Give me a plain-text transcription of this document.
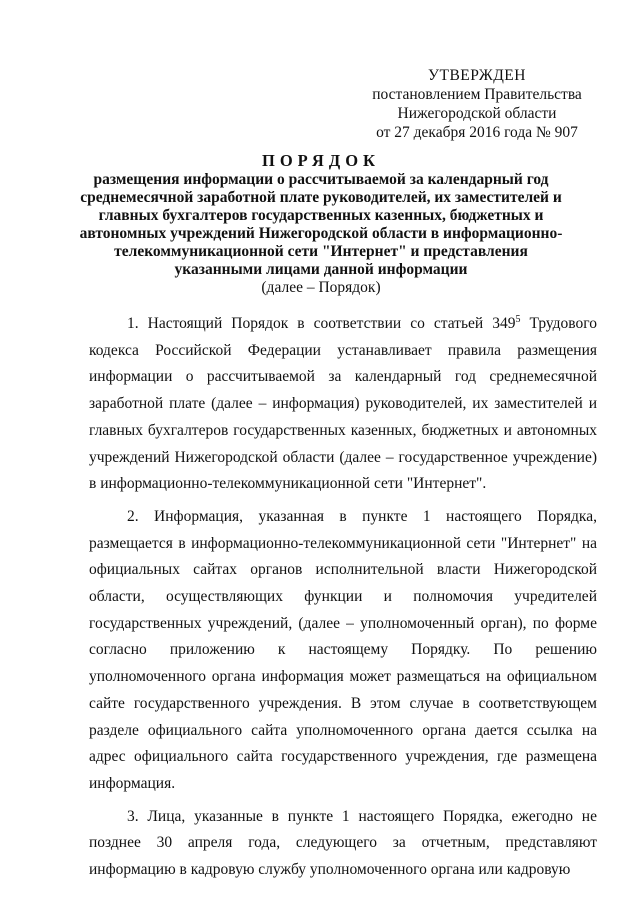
УТВЕРЖДЕН
постановлением Правительства
Нижегородской области
от 27 декабря 2016 года № 907
ПОРЯДОК
размещения информации о рассчитываемой за календарный год среднемесячной заработной плате руководителей, их заместителей и главных бухгалтеров государственных казенных, бюджетных и автономных учреждений Нижегородской области в информационно-телекоммуникационной сети "Интернет" и представления указанными лицами данной информации
(далее – Порядок)

1. Настоящий Порядок в соответствии со статьей $349^5$ Трудового кодекса Российской Федерации устанавливает правила размещения информации о рассчитываемой за календарный год среднемесячной заработной плате (далее – информация) руководителей, их заместителей и главных бухгалтеров государственных казенных, бюджетных и автономных учреждений Нижегородской области (далее – государственное учреждение) в информационно-телекоммуникационной сети "Интернет".

2. Информация, указанная в пункте 1 настоящего Порядка, размещается в информационно-телекоммуникационной сети "Интернет" на официальных сайтах органов исполнительной власти Нижегородской области, осуществляющих функции и полномочия учредителей государственных учреждений, (далее – уполномоченный орган), по форме согласно приложению к настоящему Порядку. По решению уполномоченного органа информация может размещаться на официальном сайте государственного учреждения. В этом случае в соответствующем разделе официального сайта уполномоченного органа дается ссылка на адрес официального сайта государственного учреждения, где размещена информация.

3. Лица, указанные в пункте 1 настоящего Порядка, ежегодно не позднее 30 апреля года, следующего за отчетным, представляют информацию в кадровую службу уполномоченного органа или кадровую
